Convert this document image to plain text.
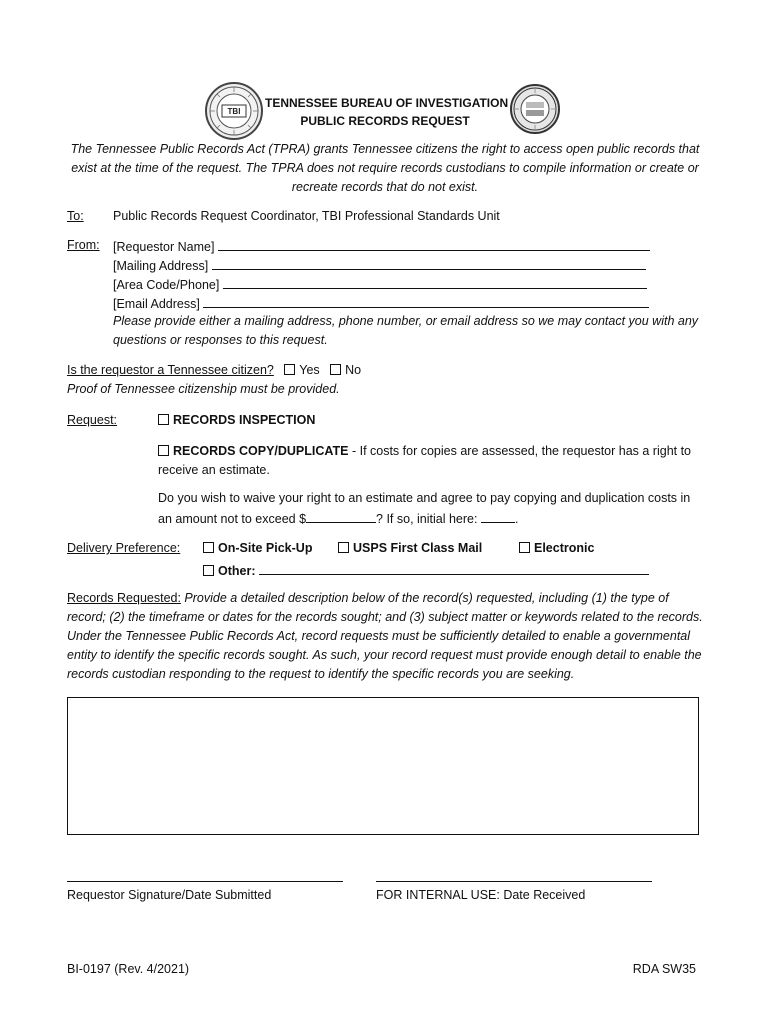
TBI
TENNESSEE BUREAU OF INVESTIGATION
PUBLIC RECORDS REQUEST
The Tennessee Public Records Act (TPRA) grants Tennessee citizens the right to access open public records that exist at the time of the request. The TPRA does not require records custodians to compile information or create or recreate records that do not exist.
To: Public Records Request Coordinator, TBI Professional Standards Unit
From: [Requestor Name]
[Mailing Address]
[Area Code/Phone]
[Email Address]
Please provide either a mailing address, phone number, or email address so we may contact you with any questions or responses to this request.
Is the requestor a Tennessee citizen? Yes No
Proof of Tennessee citizenship must be provided.
Request:	RECORDS INSPECTION
RECORDS COPY/DUPLICATE - If costs for copies are assessed, the requestor has a right to
receive an estimate.
Do you wish to waive your right to an estimate and agree to pay copying and duplication costs in
an amount not to exceed $	? If so, initial here:	.
Delivery Preference:	On-Site Pick-Up	USPS First Class Mail	Electronic
Other:
Records Requested: Provide a detailed description below of the record(s) requested, including (1) the type of record; (2) the timeframe or dates for the records sought; and (3) subject matter or keywords related to the records. Under the Tennessee Public Records Act, record requests must be sufficiently detailed to enable a governmental entity to identify the specific records sought. As such, your record request must provide enough detail to enable the records custodian responding to the request to identify the specific records you are seeking.
Requestor Signature/Date Submitted	FOR INTERNAL USE: Date Received
BI-0197 (Rev. 4/2021)	RDA SW35
